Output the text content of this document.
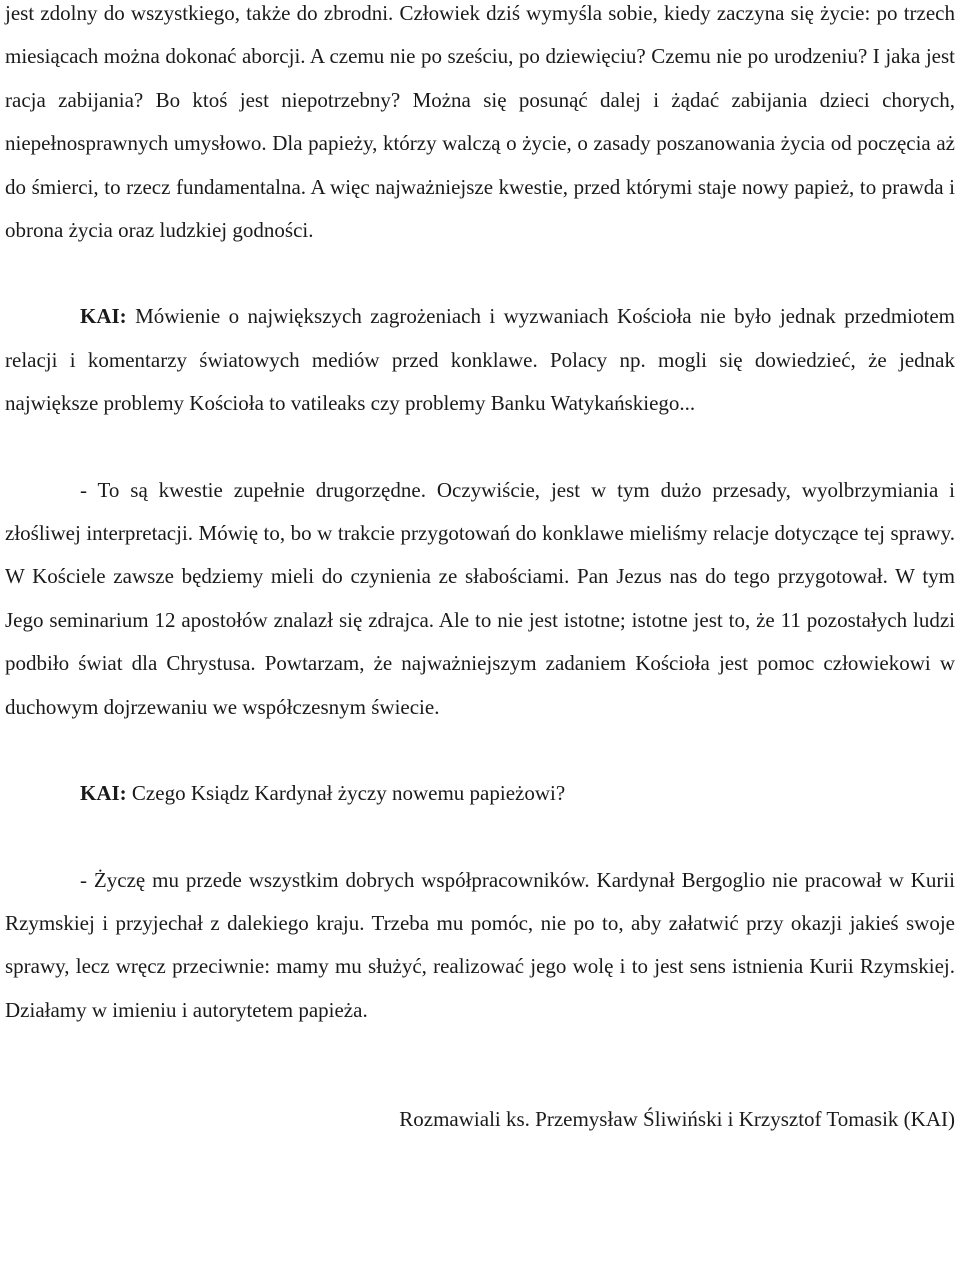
jest zdolny do wszystkiego, także do zbrodni. Człowiek dziś wymyśla sobie, kiedy zaczyna się życie: po trzech miesiącach można dokonać aborcji. A czemu nie po sześciu, po dziewięciu? Czemu nie po urodzeniu? I jaka jest racja zabijania? Bo ktoś jest niepotrzebny? Można się posunąć dalej i żądać zabijania dzieci chorych, niepełnosprawnych umysłowo. Dla papieży, którzy walczą o życie, o zasady poszanowania życia od poczęcia aż do śmierci, to rzecz fundamentalna. A więc najważniejsze kwestie, przed którymi staje nowy papież, to prawda i obrona życia oraz ludzkiej godności.

KAI: Mówienie o największych zagrożeniach i wyzwaniach Kościoła nie było jednak przedmiotem relacji i komentarzy światowych mediów przed konklawe. Polacy np. mogli się dowiedzieć, że jednak największe problemy Kościoła to vatileaks czy problemy Banku Watykańskiego...

- To są kwestie zupełnie drugorzędne. Oczywiście, jest w tym dużo przesady, wyolbrzymiania i złośliwej interpretacji. Mówię to, bo w trakcie przygotowań do konklawe mieliśmy relacje dotyczące tej sprawy. W Kościele zawsze będziemy mieli do czynienia ze słabościami. Pan Jezus nas do tego przygotował. W tym Jego seminarium 12 apostołów znalazł się zdrajca. Ale to nie jest istotne; istotne jest to, że 11 pozostałych ludzi podbiło świat dla Chrystusa. Powtarzam, że najważniejszym zadaniem Kościoła jest pomoc człowiekowi w duchowym dojrzewaniu we współczesnym świecie.

KAI: Czego Ksiądz Kardynał życzy nowemu papieżowi?

- Życzę mu przede wszystkim dobrych współpracowników. Kardynał Bergoglio nie pracował w Kurii Rzymskiej i przyjechał z dalekiego kraju. Trzeba mu pomóc, nie po to, aby załatwić przy okazji jakieś swoje sprawy, lecz wręcz przeciwnie: mamy mu służyć, realizować jego wolę i to jest sens istnienia Kurii Rzymskiej. Działamy w imieniu i autorytetem papieża.

Rozmawiali ks. Przemysław Śliwiński i Krzysztof Tomasik (KAI)
